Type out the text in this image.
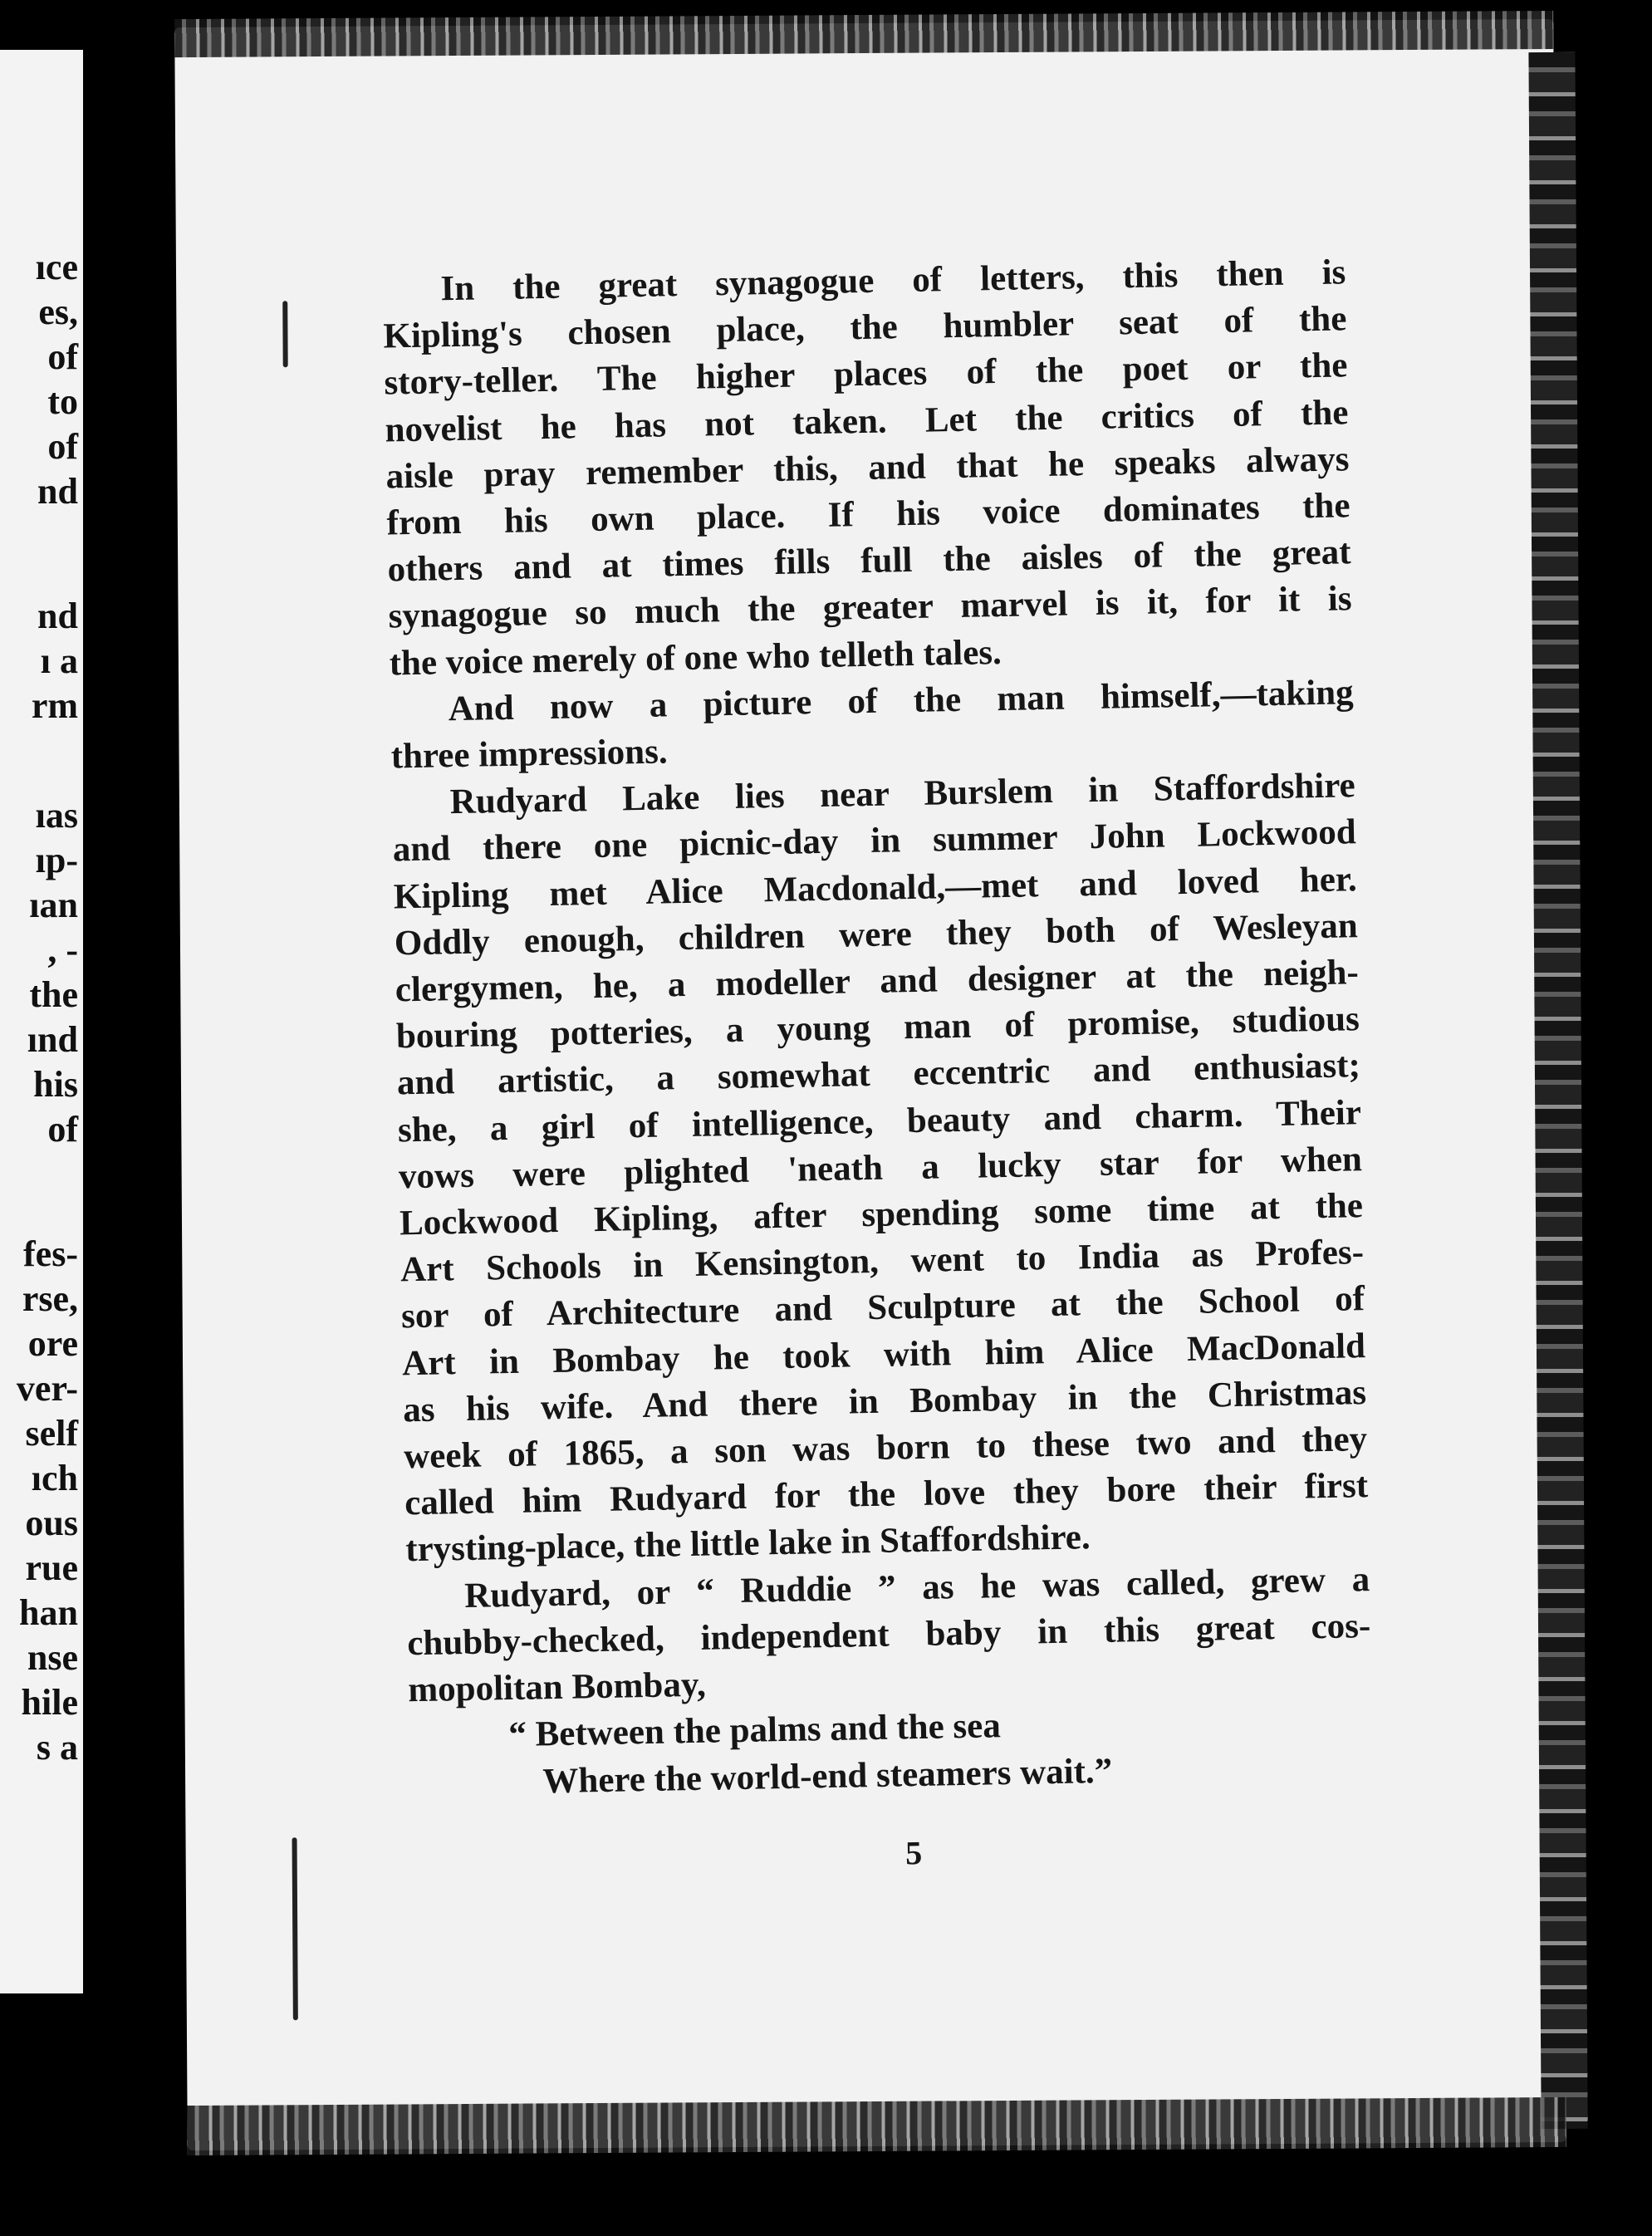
ıce
es,
of
to
of
nd
nd
ı a
rm
ıas
ıp-
ıan
, -
the
ınd
his
of
fes-
rse,
ore
ver-
self
ıch
ous
rue
han
nse
hile
s a

In the great synagogue of letters, this then is
Kipling's chosen place, the humbler seat of the
story-teller. The higher places of the poet or the
novelist he has not taken. Let the critics of the
aisle pray remember this, and that he speaks always
from his own place. If his voice dominates the
others and at times fills full the aisles of the great
synagogue so much the greater marvel is it, for it is
the voice merely of one who telleth tales.

And now a picture of the man himself,—taking
three impressions.

Rudyard Lake lies near Burslem in Staffordshire
and there one picnic-day in summer John Lockwood
Kipling met Alice Macdonald,—met and loved her.
Oddly enough, children were they both of Wesleyan
clergymen, he, a modeller and designer at the neigh-
bouring potteries, a young man of promise, studious
and artistic, a somewhat eccentric and enthusiast;
she, a girl of intelligence, beauty and charm. Their
vows were plighted 'neath a lucky star for when
Lockwood Kipling, after spending some time at the
Art Schools in Kensington, went to India as Profes-
sor of Architecture and Sculpture at the School of
Art in Bombay he took with him Alice MacDonald
as his wife. And there in Bombay in the Christmas
week of 1865, a son was born to these two and they
called him Rudyard for the love they bore their first
trysting-place, the little lake in Staffordshire.

Rudyard, or “ Ruddie ” as he was called, grew a
chubby-checked, independent baby in this great cos-
mopolitan Bombay,

“ Between the palms and the sea
Where the world-end steamers wait.”
5
